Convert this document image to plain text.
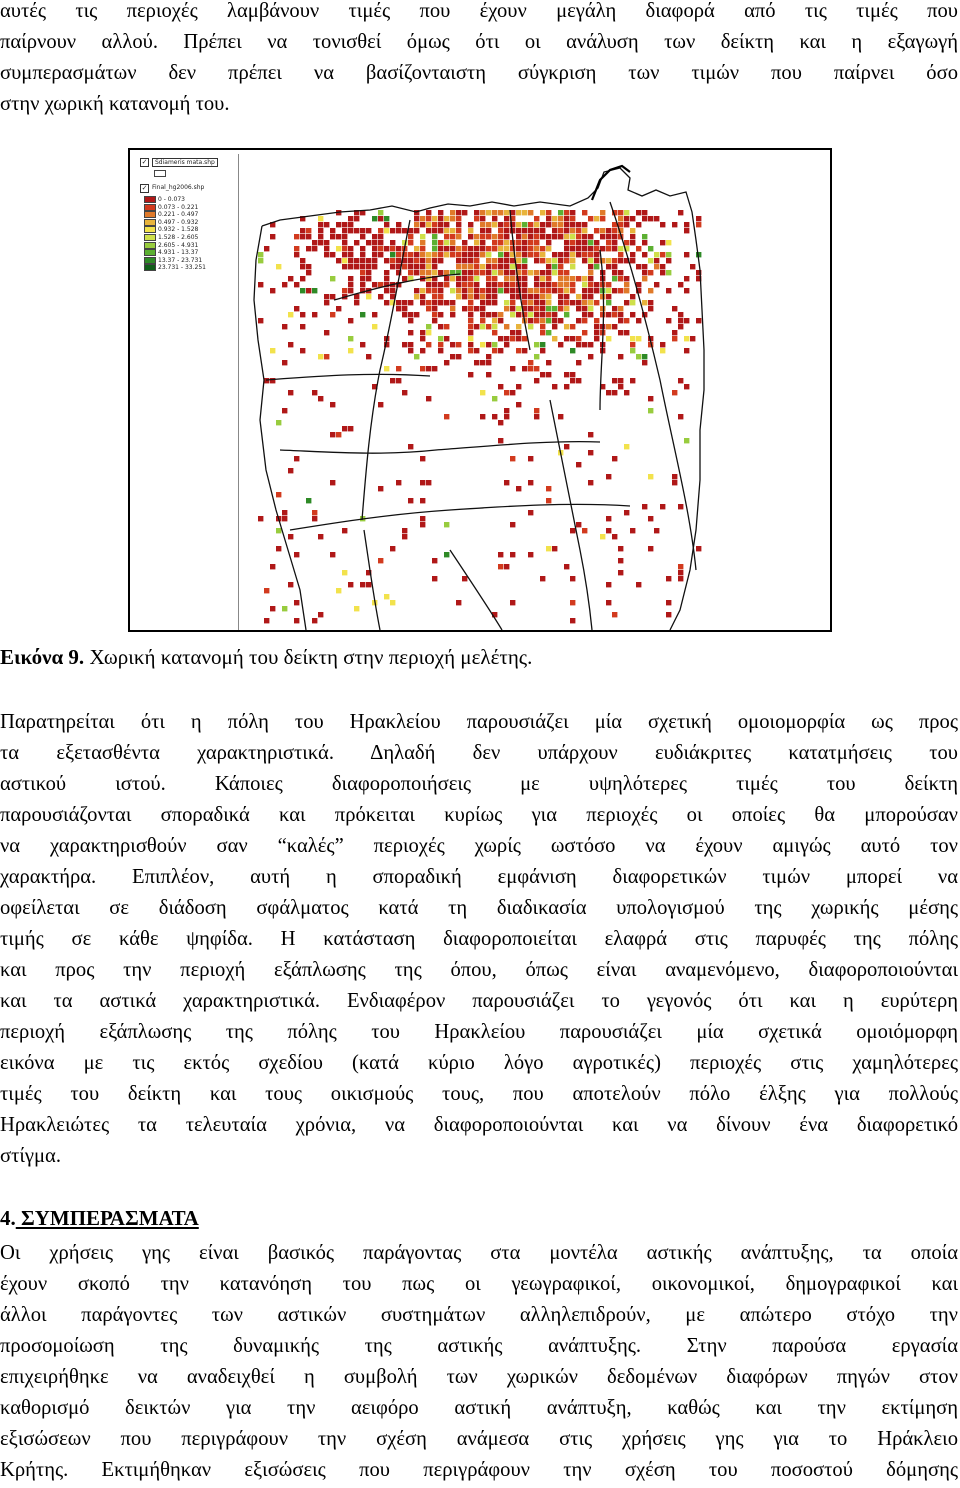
αυτές τις περιοχές λαμβάνουν τιμές που έχουν μεγάλη διαφορά από τις τιμές που
παίρνουν αλλού. Πρέπει να τονισθεί όμως ότι οι ανάλυση των δείκτη και η εξαγωγή
συμπερασμάτων δεν πρέπει να βασίζονταιστη σύγκριση των τιμών που παίρνει όσο
στην χωρική κατανομή του.
✓	Sdiameris mata.shp
✓ Final_hg2006.shp
0 - 0.073
0.073 - 0.221
0.221 - 0.497
0.497 - 0.932
0.932 - 1.528
1.528 - 2.605
2.605 - 4.931
4.931 - 13.37
13.37 - 23.731
23.731 - 33.251
Εικόνα 9. Χωρική κατανομή του δείκτη στην περιοχή μελέτης.
Παρατηρείται ότι η πόλη του Ηρακλείου παρουσιάζει μία σχετική ομοιομορφία ως προς
τα εξετασθέντα χαρακτηριστικά. Δηλαδή δεν υπάρχουν ευδιάκριτες κατατμήσεις του
αστικού ιστού. Κάποιες διαφοροποιήσεις με υψηλότερες τιμές του δείκτη
παρουσιάζονται σποραδικά και πρόκειται κυρίως για περιοχές οι οποίες θα μπορούσαν
να χαρακτηρισθούν σαν “καλές” περιοχές χωρίς ωστόσο να έχουν αμιγώς αυτό τον
χαρακτήρα. Επιπλέον, αυτή η σποραδική εμφάνιση διαφορετικών τιμών μπορεί να
οφείλεται σε διάδοση σφάλματος κατά τη διαδικασία υπολογισμού της χωρικής μέσης
τιμής σε κάθε ψηφίδα. Η κατάσταση διαφοροποιείται ελαφρά στις παρυφές της πόλης
και προς την περιοχή εξάπλωσης της όπου, όπως είναι αναμενόμενο, διαφοροποιούνται
και τα αστικά χαρακτηριστικά. Ενδιαφέρον παρουσιάζει το γεγονός ότι και η ευρύτερη
περιοχή εξάπλωσης της πόλης του Ηρακλείου παρουσιάζει μία σχετικά ομοιόμορφη
εικόνα με τις εκτός σχεδίου (κατά κύριο λόγο αγροτικές) περιοχές στις χαμηλότερες
τιμές του δείκτη και τους οικισμούς τους, που αποτελούν πόλο έλξης για πολλούς
Ηρακλειώτες τα τελευταία χρόνια, να διαφοροποιούνται και να δίνουν ένα διαφορετικό
στίγμα.
4. ΣΥΜΠΕΡΑΣΜΑΤΑ
Οι χρήσεις γης είναι βασικός παράγοντας στα μοντέλα αστικής ανάπτυξης, τα οποία
έχουν σκοπό την κατανόηση του πως οι γεωγραφικοί, οικονομικοί, δημογραφικοί και
άλλοι παράγοντες των αστικών συστημάτων αλληλεπιδρούν, με απώτερο στόχο την
προσομοίωση της δυναμικής της αστικής ανάπτυξης. Στην παρούσα εργασία
επιχειρήθηκε να αναδειχθεί η συμβολή των χωρικών δεδομένων διαφόρων πηγών στον
καθορισμό δεικτών για την αειφόρο αστική ανάπτυξη, καθώς και την εκτίμηση
εξισώσεων που περιγράφουν την σχέση ανάμεσα στις χρήσεις γης για το Ηράκλειο
Κρήτης. Εκτιμήθηκαν εξισώσεις που περιγράφουν την σχέση του ποσοστού δόμησης
